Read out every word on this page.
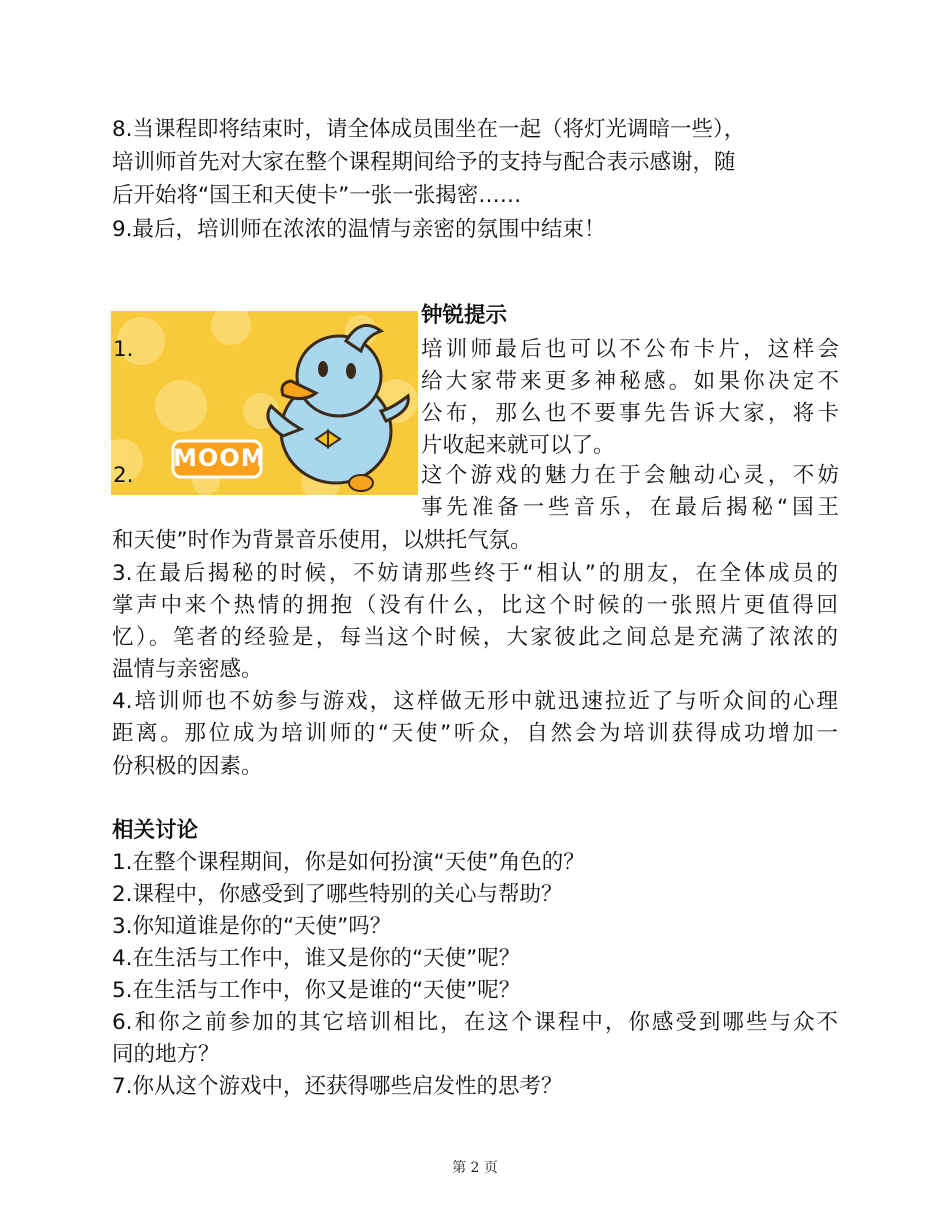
8.当课程即将结束时，请全体成员围坐在一起（将灯光调暗一些），
培训师首先对大家在整个课程期间给予的支持与配合表示感谢，随
后开始将“国王和天使卡”一张一张揭密……
9.最后，培训师在浓浓的温情与亲密的氛围中结束！
MOOM
钟锐提示
1.
2.
培训师最后也可以不公布卡片，这样会
给大家带来更多神秘感。如果你决定不
公布，那么也不要事先告诉大家，将卡
片收起来就可以了。
这个游戏的魅力在于会触动心灵，不妨
事先准备一些音乐，在最后揭秘“国王
和天使”时作为背景音乐使用，以烘托气氛。
3.在最后揭秘的时候，不妨请那些终于“相认”的朋友，在全体成员的
掌声中来个热情的拥抱（没有什么，比这个时候的一张照片更值得回
忆）。笔者的经验是，每当这个时候，大家彼此之间总是充满了浓浓的
温情与亲密感。
4.培训师也不妨参与游戏，这样做无形中就迅速拉近了与听众间的心理
距离。那位成为培训师的“天使”听众，自然会为培训获得成功增加一
份积极的因素。
相关讨论
1.在整个课程期间，你是如何扮演“天使”角色的？
2.课程中，你感受到了哪些特别的关心与帮助？
3.你知道谁是你的“天使”吗？
4.在生活与工作中，谁又是你的“天使”呢？
5.在生活与工作中，你又是谁的“天使”呢？
6.和你之前参加的其它培训相比，在这个课程中，你感受到哪些与众不
同的地方？
7.你从这个游戏中，还获得哪些启发性的思考？
第 2 页
